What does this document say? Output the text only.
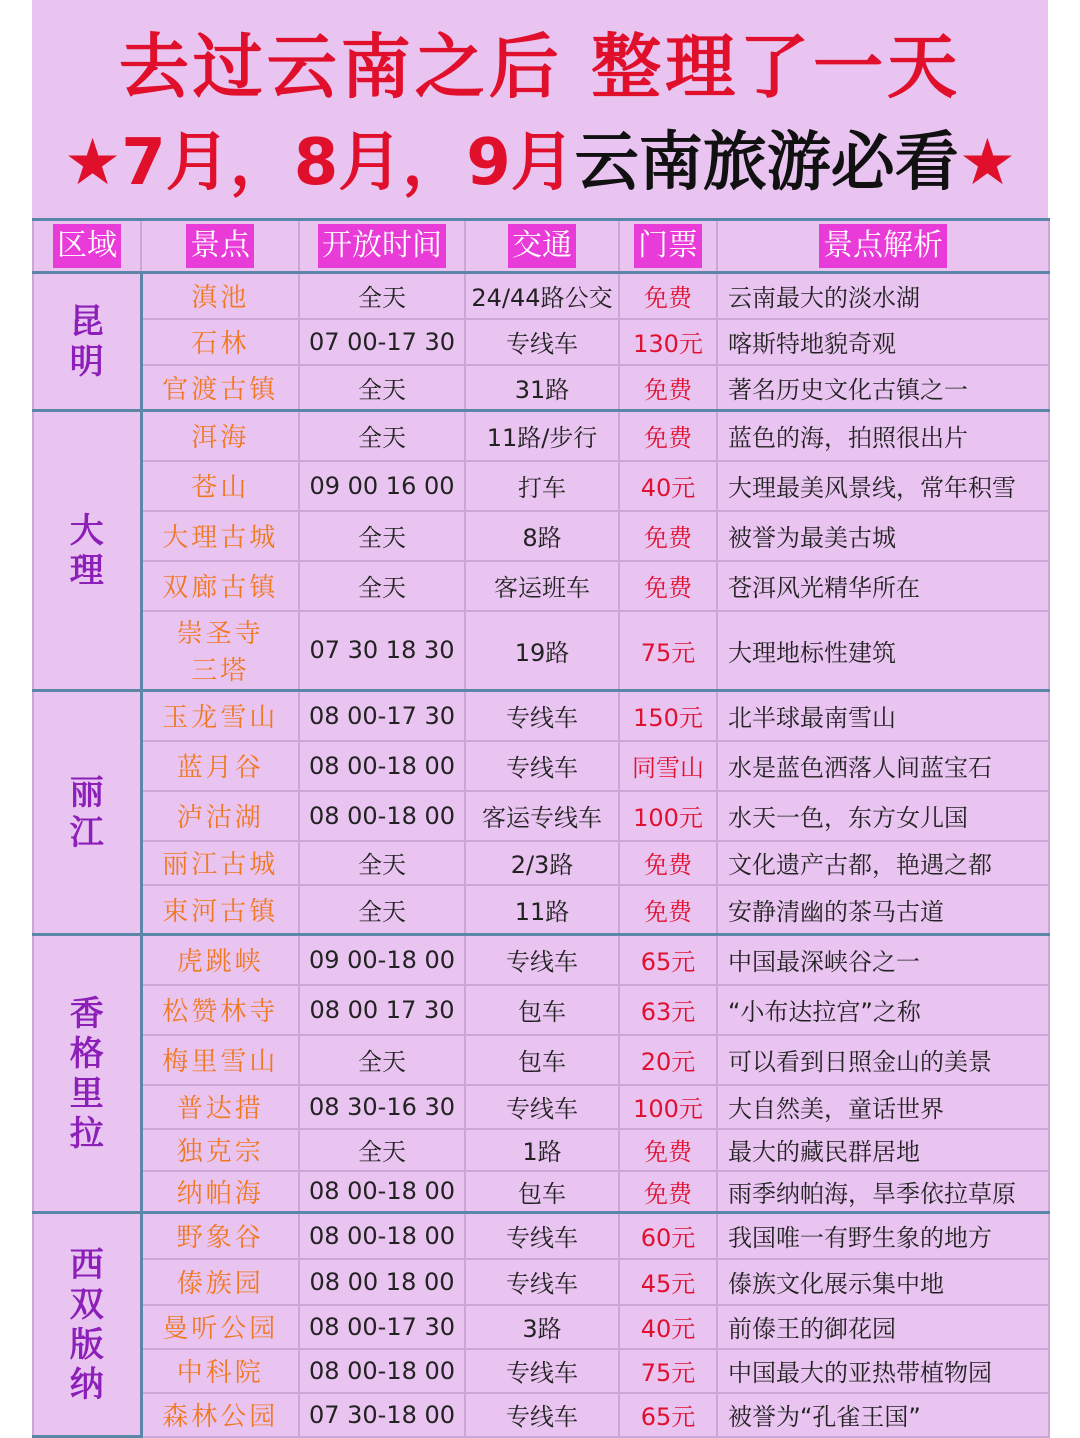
去过云南之后 整理了一天
★7月，8月，9月云南旅游必看★
区域	景点	开放时间	交通	门票	景点解析

昆
明	滇池	全天	24/44路公交	免费	云南最大的淡水湖
	石林	07 00-17 30	专线车	130元	喀斯特地貌奇观
	官渡古镇	全天	31路	免费	著名历史文化古镇之一

大
理	洱海	全天	11路/步行	免费	蓝色的海，拍照很出片
	苍山	09 00 16 00	打车	40元	大理最美风景线，常年积雪
	大理古城	全天	8路	免费	被誉为最美古城
	双廊古镇	全天	客运班车	免费	苍洱风光精华所在
	崇圣寺
三塔	07 30 18 30	19路	75元	大理地标性建筑

丽
江	玉龙雪山	08 00-17 30	专线车	150元	北半球最南雪山
	蓝月谷	08 00-18 00	专线车	同雪山	水是蓝色洒落人间蓝宝石
	泸沽湖	08 00-18 00	客运专线车	100元	水天一色，东方女儿国
	丽江古城	全天	2/3路	免费	文化遗产古都，艳遇之都
	束河古镇	全天	11路	免费	安静清幽的茶马古道

香
格
里
拉	虎跳峡	09 00-18 00	专线车	65元	中国最深峡谷之一
	松赞林寺	08 00 17 30	包车	63元	“小布达拉宫”之称
	梅里雪山	全天	包车	20元	可以看到日照金山的美景
	普达措	08 30-16 30	专线车	100元	大自然美，童话世界
	独克宗	全天	1路	免费	最大的藏民群居地
	纳帕海	08 00-18 00	包车	免费	雨季纳帕海，旱季依拉草原

西
双
版
纳	野象谷	08 00-18 00	专线车	60元	我国唯一有野生象的地方
	傣族园	08 00 18 00	专线车	45元	傣族文化展示集中地
	曼听公园	08 00-17 30	3路	40元	前傣王的御花园
	中科院	08 00-18 00	专线车	75元	中国最大的亚热带植物园
	森林公园	07 30-18 00	专线车	65元	被誉为“孔雀王国”
